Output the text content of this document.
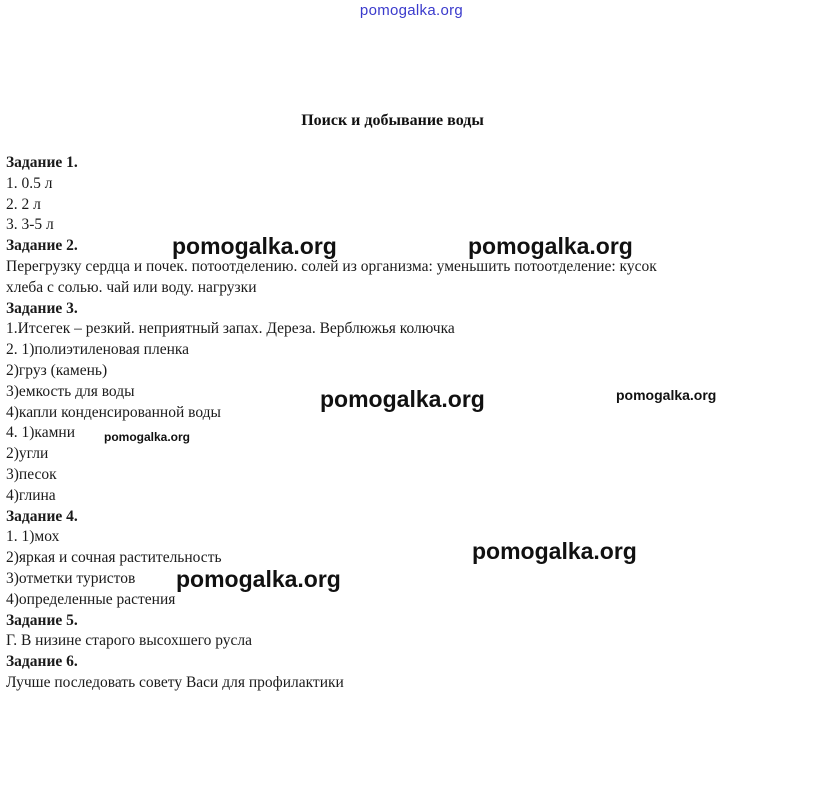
pomogalka.org
Поиск и добывание воды
Задание 1.
1. 0.5 л
2. 2 л
3. 3-5 л
Задание 2.
Перегрузку сердца и почек. потоотделению. солей из организма: уменьшить потоотделение: кусок
хлеба с солью. чай или воду. нагрузки
Задание 3.
1.Итсегек – резкий. неприятный запах. Дереза. Верблюжья колючка
2. 1)полиэтиленовая пленка
2)груз (камень)
3)емкость для воды
4)капли конденсированной воды
4. 1)камни
2)угли
3)песок
4)глина
Задание 4.
1. 1)мох
2)яркая и сочная растительность
3)отметки туристов
4)определенные растения
Задание 5.
Г. В низине старого высохшего русла
Задание 6.
Лучше последовать совету Васи для профилактики
pomogalka.org	pomogalka.org
pomogalka.org	pomogalka.org
pomogalka.org
pomogalka.org
pomogalka.org
